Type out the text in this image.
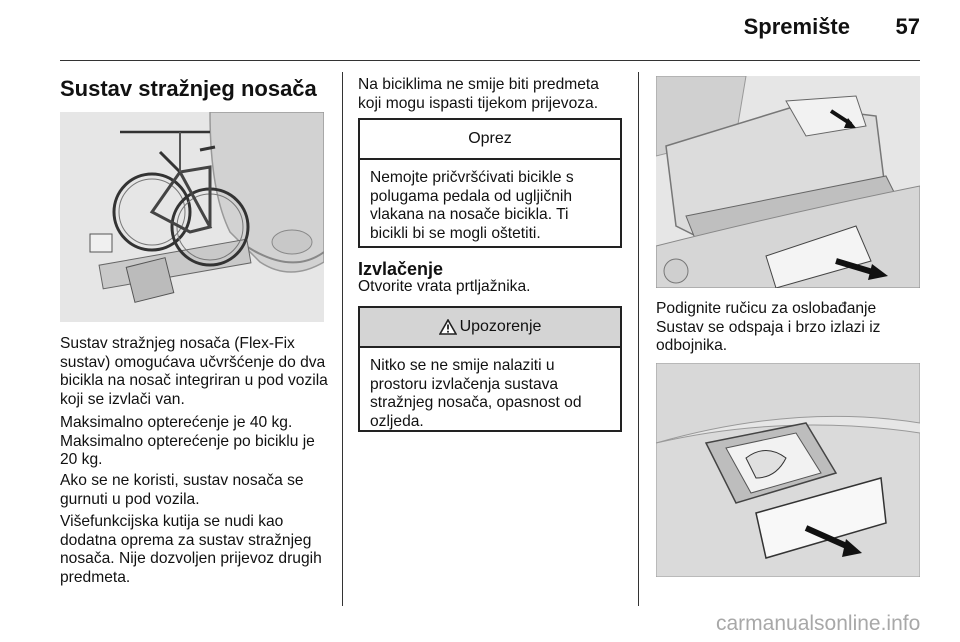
Spremište	57
Sustav stražnjeg nosača

Sustav stražnjeg nosača (Flex-Fix sustav) omogućava učvršćenje do dva bicikla na nosač integriran u pod vozila koji se izvlači van.

Maksimalno opterećenje je 40 kg. Maksimalno opterećenje po biciklu je 20 kg.

Ako se ne koristi, sustav nosača se gurnuti u pod vozila.

Višefunkcijska kutija se nudi kao dodatna oprema za sustav stražnjeg nosača. Nije dozvoljen prijevoz drugih predmeta.

Na biciklima ne smije biti predmeta koji mogu ispasti tijekom prijevoza.

Oprez
Nemojte pričvršćivati bicikle s polugama pedala od ugljičnih vlakana na nosače bicikla. Ti bicikli bi se mogli oštetiti.
Izvlačenje

Otvorite vrata prtljažnika.

Upozorenje
Nitko se ne smije nalaziti u prostoru izvlačenja sustava stražnjeg nosača, opasnost od ozljeda.

Podignite ručicu za oslobađanje Sustav se odspaja i brzo izlazi iz odbojnika.

carmanualsonline.info
